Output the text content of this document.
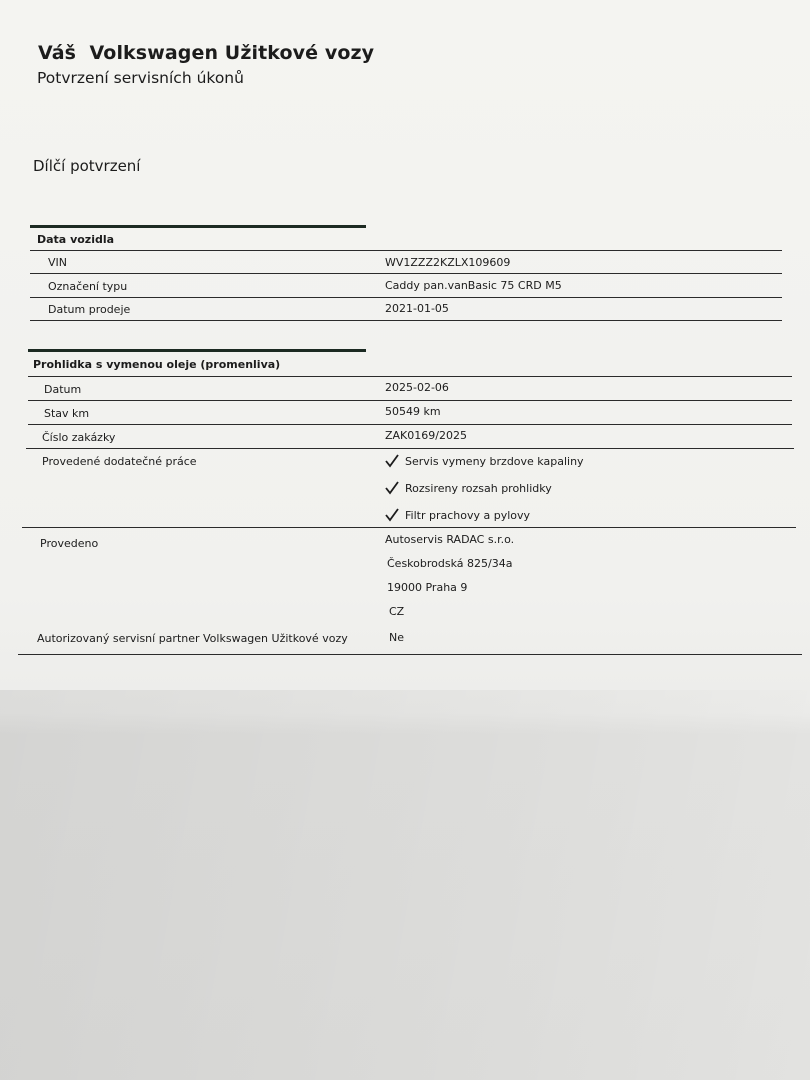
Váš  Volkswagen Užitkové vozy
Potvrzení servisních úkonů
Dílčí potvrzení
Data vozidla
VIN	WV1ZZZ2KZLX109609
Označení typu	Caddy pan.vanBasic 75 CRD M5
Datum prodeje	2021-01-05
Prohlidka s vymenou oleje (promenliva)
Datum	2025-02-06
Stav km	50549 km
Číslo zakázky	ZAK0169/2025
Provedené dodatečné práce	Servis vymeny brzdove kapaliny
Rozsireny rozsah prohlidky
Filtr prachovy a pylovy
Provedeno	Autoservis RADAC s.r.o.
Českobrodská 825/34a
19000 Praha 9
CZ
Autorizovaný servisní partner Volkswagen Užitkové vozy	Ne
